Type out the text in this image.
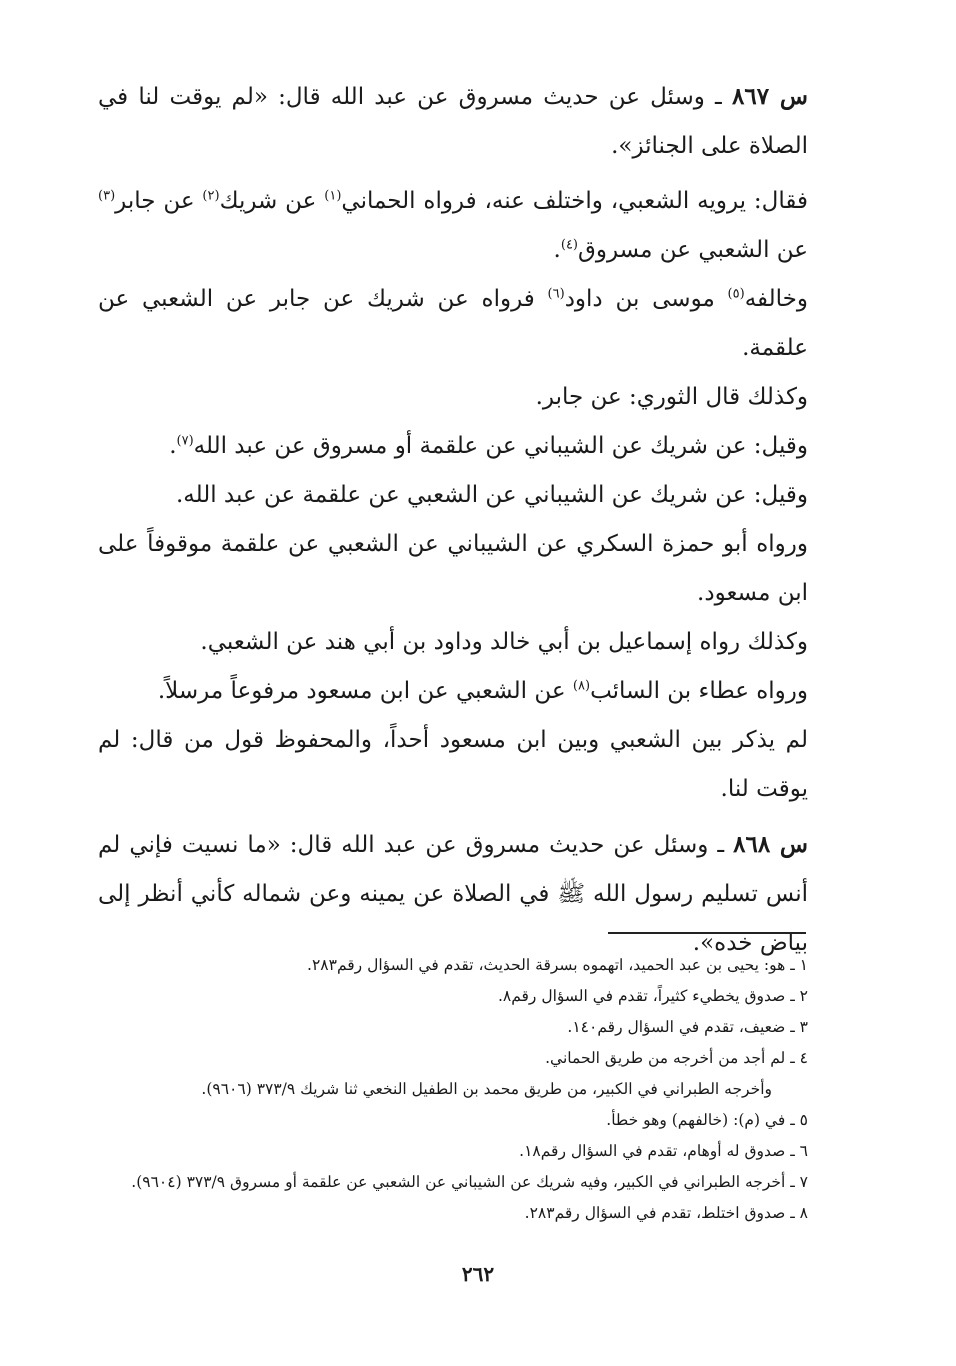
س ٨٦٧ ـ وسئل عن حديث مسروق عن عبد الله قال: «لم يوقت لنا في الصلاة على الجنائز».

فقال: يرويه الشعبي، واختلف عنه، فرواه الحماني$^{(١)}$ عن شريك$^{(٢)}$ عن جابر$^{(٣)}$ عن الشعبي عن مسروق$^{(٤)}$.

وخالفه$^{(٥)}$ موسى بن داود$^{(٦)}$ فرواه عن شريك عن جابر عن الشعبي عن علقمة.

وكذلك قال الثوري: عن جابر.

وقيل: عن شريك عن الشيباني عن علقمة أو مسروق عن عبد الله$^{(٧)}$.

وقيل: عن شريك عن الشيباني عن الشعبي عن علقمة عن عبد الله.

ورواه أبو حمزة السكري عن الشيباني عن الشعبي عن علقمة موقوفاً على ابن مسعود.

وكذلك رواه إسماعيل بن أبي خالد وداود بن أبي هند عن الشعبي.

ورواه عطاء بن السائب$^{(٨)}$ عن الشعبي عن ابن مسعود مرفوعاً مرسلاً.

لم يذكر بين الشعبي وبين ابن مسعود أحداً، والمحفوظ قول من قال: لم يوقت لنا.

س ٨٦٨ ـ وسئل عن حديث مسروق عن عبد الله قال: «ما نسيت فإني لم أنس تسليم رسول الله ﷺ في الصلاة عن يمينه وعن شماله كأني أنظر إلى بياض خده».

١ ـ هو: يحيى بن عبد الحميد، اتهموه بسرقة الحديث، تقدم في السؤال رقم٢٨٣.

٢ ـ صدوق يخطيء كثيراً، تقدم في السؤال رقم٨.

٣ ـ ضعيف، تقدم في السؤال رقم١٤٠.

٤ ـ لم أجد من أخرجه من طريق الحماني.

وأخرجه الطبراني في الكبير، من طريق محمد بن الطفيل النخعي ثنا شريك ٣٧٣/٩ (٩٦٠٦).

٥ ـ في (م): (خالفهم) وهو خطأ.

٦ ـ صدوق له أوهام، تقدم في السؤال رقم١٨.

٧ ـ أخرجه الطبراني في الكبير، وفيه شريك عن الشيباني عن الشعبي عن علقمة أو مسروق ٣٧٣/٩ (٩٦٠٤).

٨ ـ صدوق اختلط، تقدم في السؤال رقم٢٨٣.

٢٦٢
